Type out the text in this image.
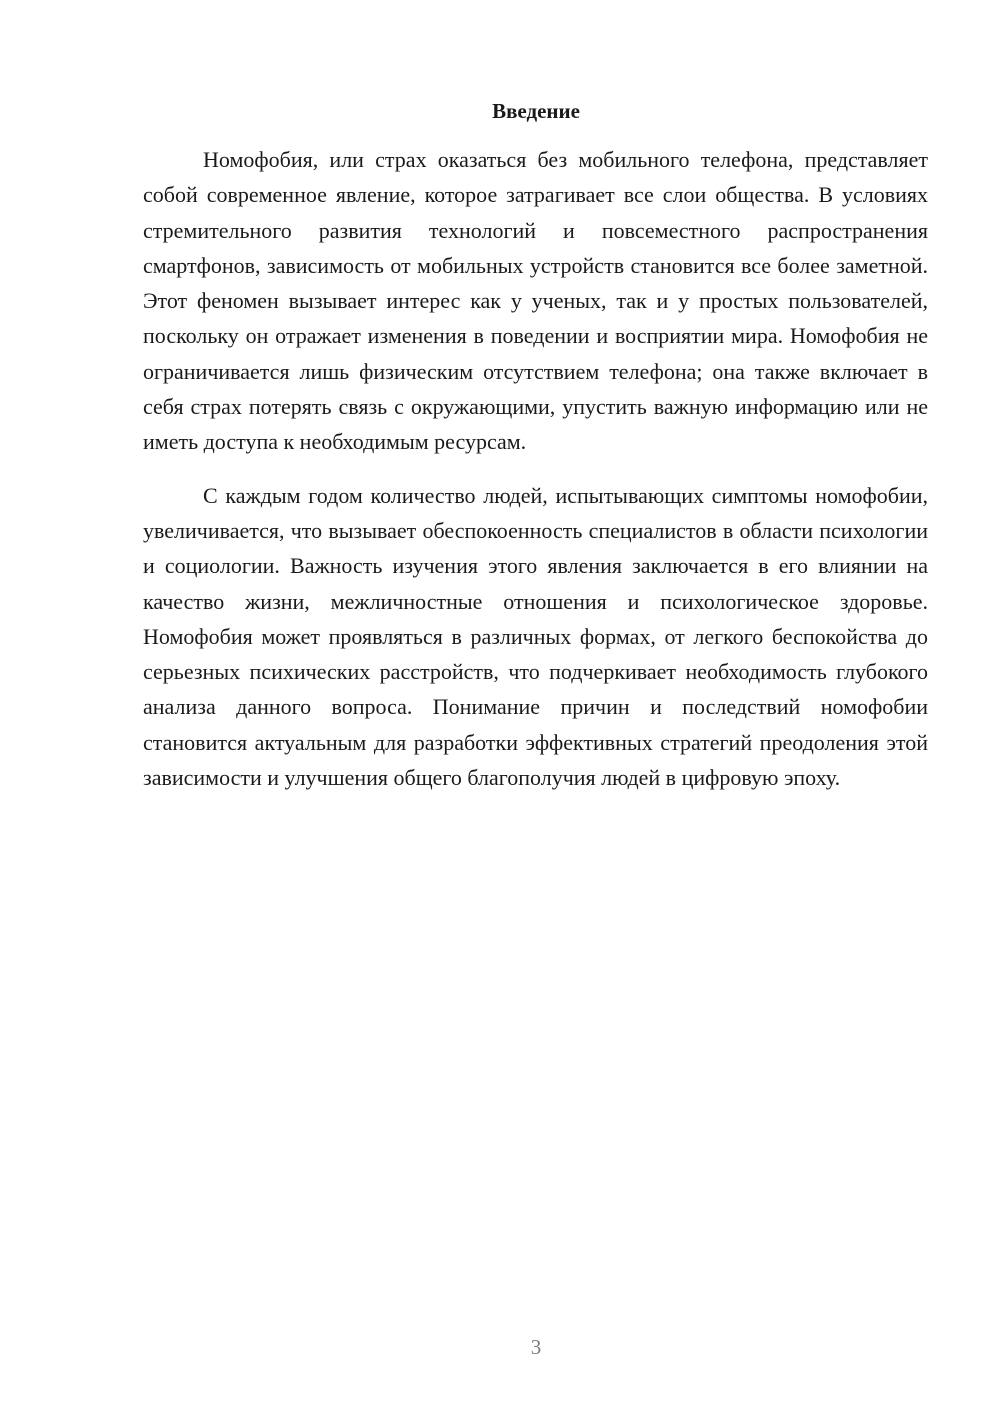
Введение

Номофобия, или страх оказаться без мобильного телефона, представляет собой современное явление, которое затрагивает все слои общества. В условиях стремительного развития технологий и повсеместного распространения смартфонов, зависимость от мобильных устройств становится все более заметной. Этот феномен вызывает интерес как у ученых, так и у простых пользователей, поскольку он отражает изменения в поведении и восприятии мира. Номофобия не ограничивается лишь физическим отсутствием телефона; она также включает в себя страх потерять связь с окружающими, упустить важную информацию или не иметь доступа к необходимым ресурсам.

С каждым годом количество людей, испытывающих симптомы номофобии, увеличивается, что вызывает обеспокоенность специалистов в области психологии и социологии. Важность изучения этого явления заключается в его влиянии на качество жизни, межличностные отношения и психологическое здоровье. Номофобия может проявляться в различных формах, от легкого беспокойства до серьезных психических расстройств, что подчеркивает необходимость глубокого анализа данного вопроса. Понимание причин и последствий номофобии становится актуальным для разработки эффективных стратегий преодоления этой зависимости и улучшения общего благополучия людей в цифровую эпоху.

3
